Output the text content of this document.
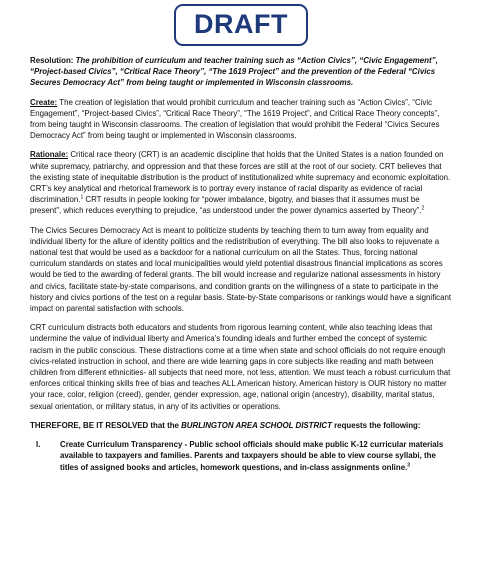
DRAFT

Resolution: The prohibition of curriculum and teacher training such as “Action Civics”, “Civic Engagement”, “Project-based Civics”, “Critical Race Theory”, “The 1619 Project” and the prevention of the Federal “Civics Secures Democracy Act” from being taught or implemented in Wisconsin classrooms.

Create: The creation of legislation that would prohibit curriculum and teacher training such as “Action Civics”, “Civic Engagement”, “Project-based Civics”, “Critical Race Theory”, “The 1619 Project”, and Critical Race Theory concepts”, from being taught in Wisconsin classrooms. The creation of legislation that would prohibit the Federal “Civics Secures Democracy Act” from being taught or implemented in Wisconsin classrooms.

Rationale: Critical race theory (CRT) is an academic discipline that holds that the United States is a nation founded on white supremacy, patriarchy, and oppression and that these forces are still at the root of our society. CRT believes that the existing state of inequitable distribution is the product of institutionalized white supremacy and economic exploitation. CRT’s key analytical and rhetorical framework is to portray every instance of racial disparity as evidence of racial discrimination.$^1$ CRT results in people looking for “power imbalance, bigotry, and biases that it assumes must be present”, which reduces everything to prejudice, “as understood under the power dynamics asserted by Theory”.$^2$

The Civics Secures Democracy Act is meant to politicize students by teaching them to turn away from equality and individual liberty for the allure of identity politics and the redistribution of everything. The bill also looks to rejuvenate a national test that would be used as a backdoor for a national curriculum on all the States. Thus, forcing national curriculum standards on states and local municipalities would yield potential disastrous financial implications as scores would be tied to the awarding of federal grants. The bill would increase and regularize national assessments in history and civics, facilitate state-by-state comparisons, and condition grants on the willingness of a state to participate in the history and civics portions of the test on a regular basis. State-by-State comparisons or rankings would have a significant impact on parental satisfaction with schools.

CRT curriculum distracts both educators and students from rigorous learning content, while also teaching ideas that undermine the value of individual liberty and America’s founding ideals and further embed the concept of systemic racism in the public conscious. These distractions come at a time when state and school officials do not require enough civics-related instruction in school, and there are wide learning gaps in core subjects like reading and math between children from different ethnicities- all subjects that need more, not less, attention. We must teach a robust curriculum that enforces critical thinking skills free of bias and teaches ALL American history. American history is OUR history no matter your race, color, religion (creed), gender, gender expression, age, national origin (ancestry), disability, marital status, sexual orientation, or military status, in any of its activities or operations.

THEREFORE, BE IT RESOLVED that the BURLINGTON AREA SCHOOL DISTRICT requests the following:

I.	Create Curriculum Transparency - Public school officials should make public K-12 curricular materials available to taxpayers and families. Parents and taxpayers should be able to view course syllabi, the titles of assigned books and articles, homework questions, and in-class assignments online.$^3$
